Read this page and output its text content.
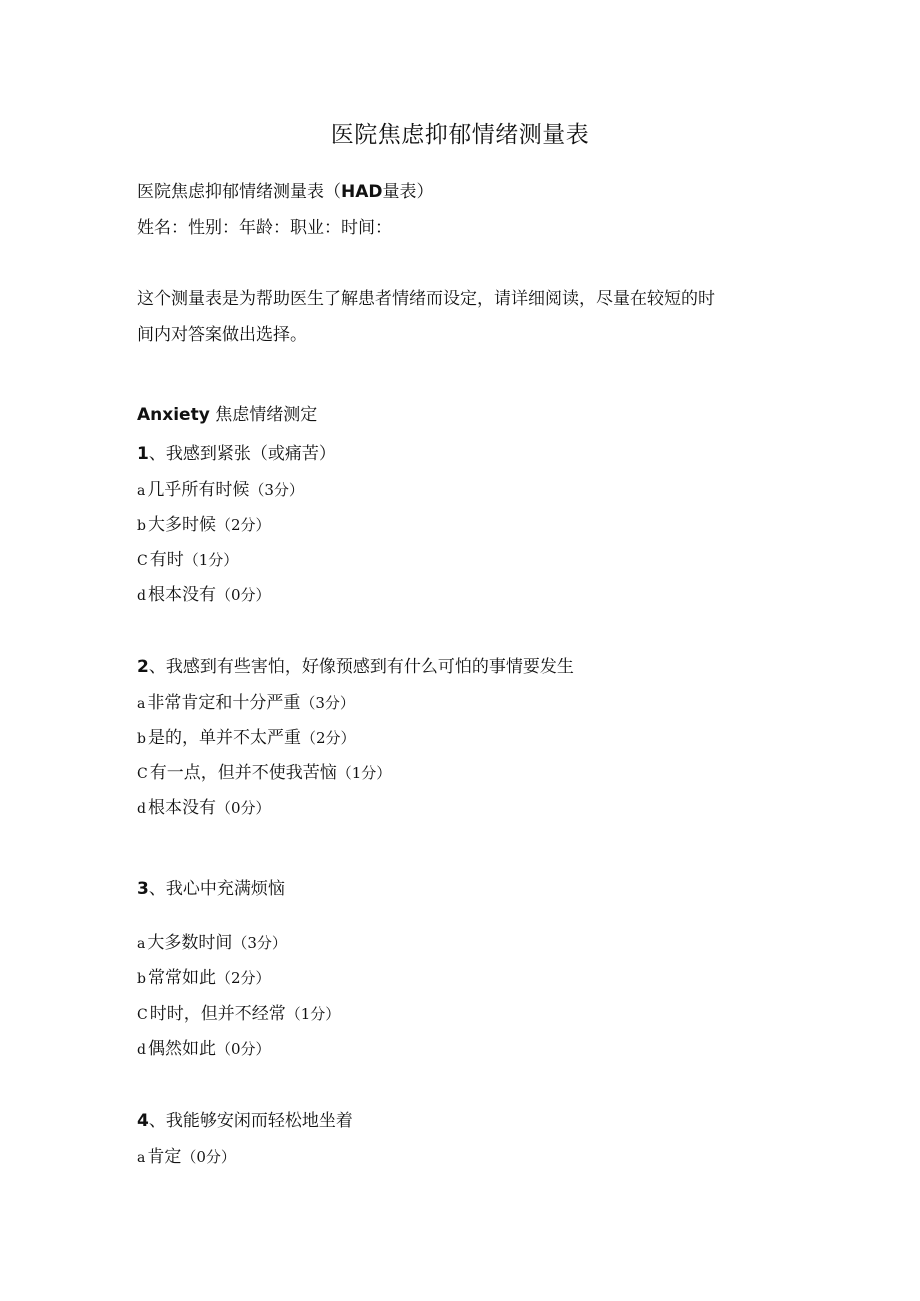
医院焦虑抑郁情绪测量表
医院焦虑抑郁情绪测量表（HAD量表）
姓名：性别：年龄：职业：时间：
这个测量表是为帮助医生了解患者情绪而设定，请详细阅读，尽量在较短的时
间内对答案做出选择。
Anxiety 焦虑情绪测定
1、我感到紧张（或痛苦）
a 几乎所有时候（3分）
b 大多时候（2分）
C 有时（1分）
d 根本没有（0分）
2、我感到有些害怕，好像预感到有什么可怕的事情要发生
a 非常肯定和十分严重（3分）
b 是的，单并不太严重（2分）
C 有一点，但并不使我苦恼（1分）
d 根本没有（0分）
3、我心中充满烦恼
a 大多数时间（3分）
b 常常如此（2分）
C 时时，但并不经常（1分）
d 偶然如此（0分）
4、我能够安闲而轻松地坐着
a 肯定（0分）
